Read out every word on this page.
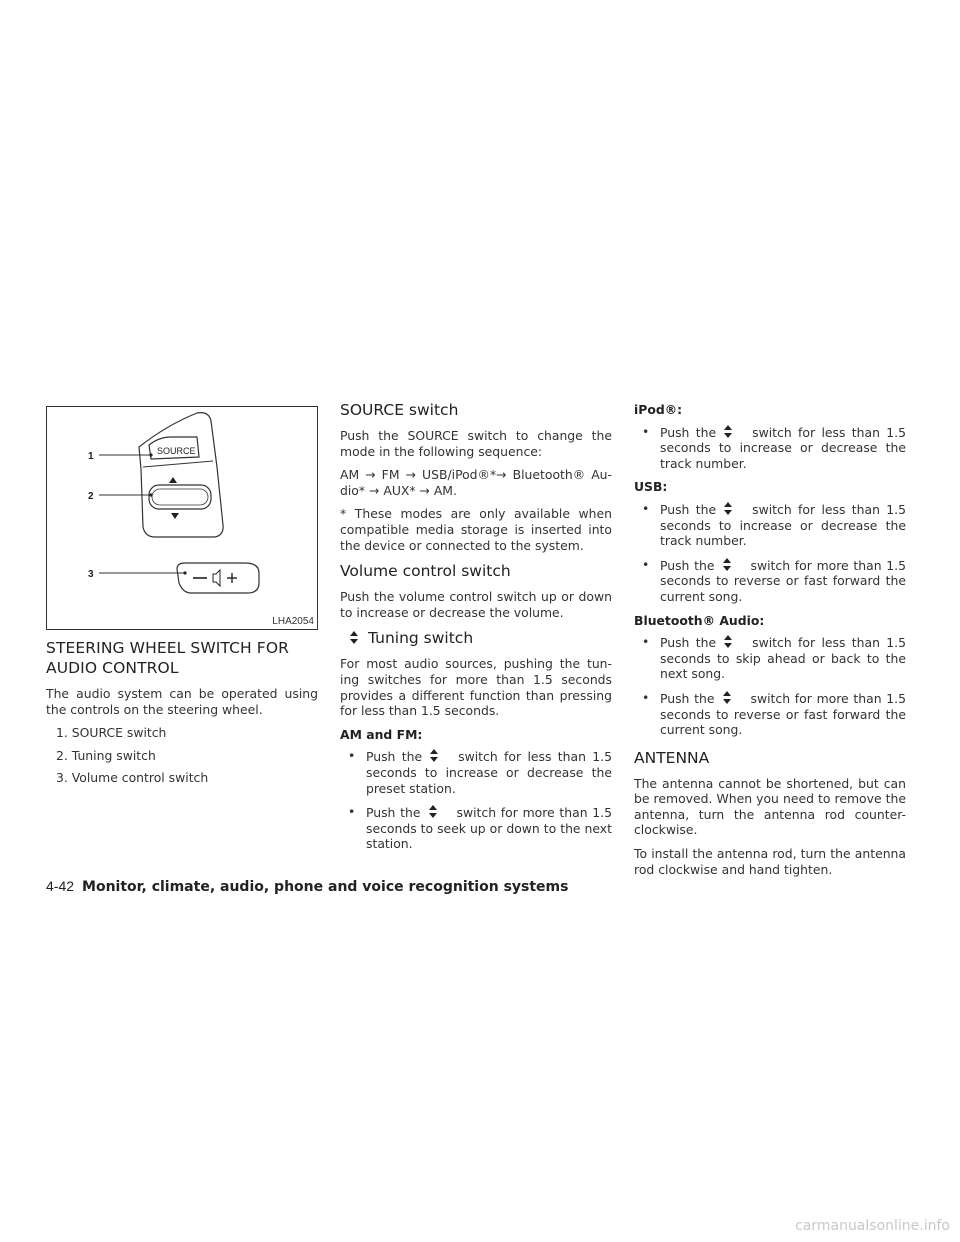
SOURCE
1
2
3
LHA2054
STEERING WHEEL SWITCH FOR
AUDIO CONTROL

The audio system can be operated using the controls on the steering wheel.

1. SOURCE switch
2. Tuning switch
3. Volume control switch
SOURCE switch

Push the SOURCE switch to change the mode in the following sequence:

AM → FM → USB/iPod®*→ Bluetooth® Au- dio* → AUX* → AM.

* These modes are only available when compatible media storage is inserted into the device or connected to the system.

Volume control switch

Push the volume control switch up or down to increase or decrease the volume.

Tuning switch

For most audio sources, pushing the tun- ing switches for more than 1.5 seconds provides a different function than pressing for less than 1.5 seconds.

AM and FM:
• Push the	switch for less than 1.5 seconds to increase or decrease the preset station.
• Push the	switch for more than 1.5 seconds to seek up or down to the next station.
iPod®:
• Push the	switch for less than 1.5 seconds to increase or decrease the track number.
USB:
• Push the	switch for less than 1.5 seconds to increase or decrease the track number.
• Push the	switch for more than 1.5 seconds to reverse or fast forward the current song.
Bluetooth® Audio:
• Push the	switch for less than 1.5 seconds to skip ahead or back to the next song.
• Push the	switch for more than 1.5 seconds to reverse or fast forward the current song.
ANTENNA

The antenna cannot be shortened, but can be removed. When you need to remove the antenna, turn the antenna rod counter- clockwise.

To install the antenna rod, turn the antenna rod clockwise and hand tighten.

4-42 Monitor, climate, audio, phone and voice recognition systems
carmanualsonline.info
